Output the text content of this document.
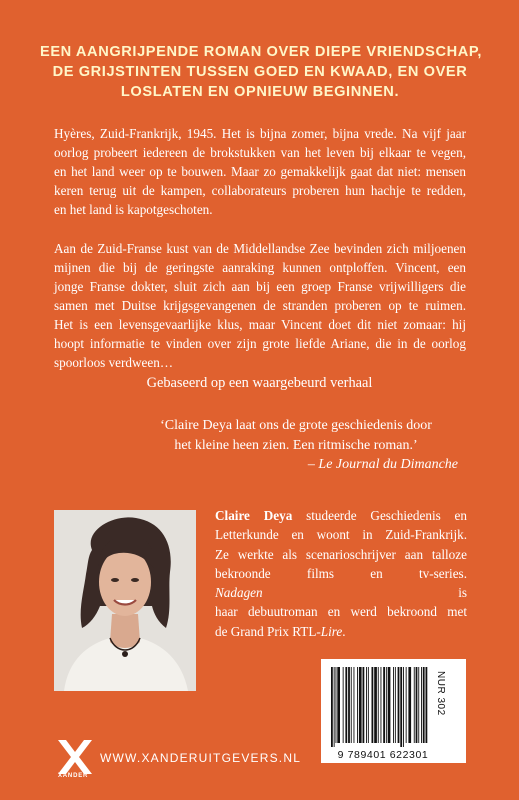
EEN AANGRIJPENDE ROMAN OVER DIEPE VRIENDSCHAP,
DE GRIJSTINTEN TUSSEN GOED EN KWAAD, EN OVER
LOSLATEN EN OPNIEUW BEGINNEN.
Hyères, Zuid-Frankrijk, 1945. Het is bijna zomer, bijna vrede. Na vijf jaar
oorlog probeert iedereen de brokstukken van het leven bij elkaar te vegen,
en het land weer op te bouwen. Maar zo gemakkelijk gaat dat niet: mensen
keren terug uit de kampen, collaborateurs proberen hun hachje te redden,
en het land is kapotgeschoten.
Aan de Zuid-Franse kust van de Middellandse Zee bevinden zich miljoenen
mijnen die bij de geringste aanraking kunnen ontploffen. Vincent, een
jonge Franse dokter, sluit zich aan bij een groep Franse vrijwilligers die
samen met Duitse krijgsgevangenen de stranden proberen op te ruimen.
Het is een levensgevaarlijke klus, maar Vincent doet dit niet zomaar: hij
hoopt informatie te vinden over zijn grote liefde Ariane, die in de oorlog
spoorloos verdween…
Gebaseerd op een waargebeurd verhaal
‘Claire Deya laat ons de grote geschiedenis door
het kleine heen zien. Een ritmische roman.’
– Le Journal du Dimanche
Claire Deya studeerde Geschiedenis en
Letterkunde en woont in Zuid-Frankrijk.
Ze werkte als scenarioschrijver aan talloze
bekroonde films en tv-series.
Nadagen is
haar debuutroman en werd bekroond met
de Grand Prix RTL-Lire.
9 789401 622301
NUR 302
XANDER
WWW.XANDERUITGEVERS.NL
